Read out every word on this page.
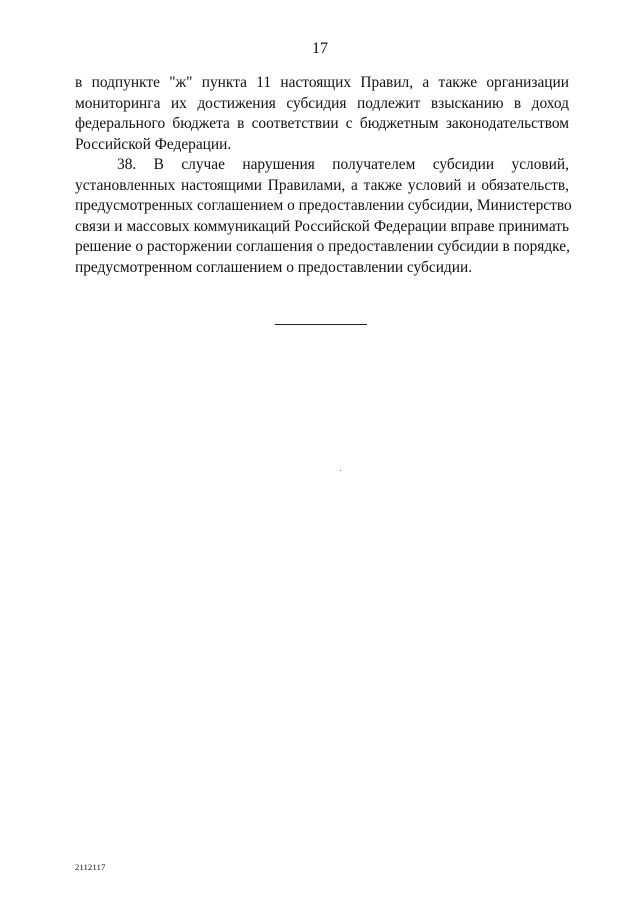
17

в подпункте "ж" пункта 11 настоящих Правил, а также организации
мониторинга их достижения субсидия подлежит взысканию в доход
федерального бюджета в соответствии с бюджетным законодательством
Российской Федерации.

38. В случае нарушения получателем субсидии условий,
установленных настоящими Правилами, а также условий и обязательств,
предусмотренных соглашением о предоставлении субсидии, Министерство
связи и массовых коммуникаций Российской Федерации вправе принимать
решение о расторжении соглашения о предоставлении субсидии в порядке,
предусмотренном соглашением о предоставлении субсидии.

2112117
